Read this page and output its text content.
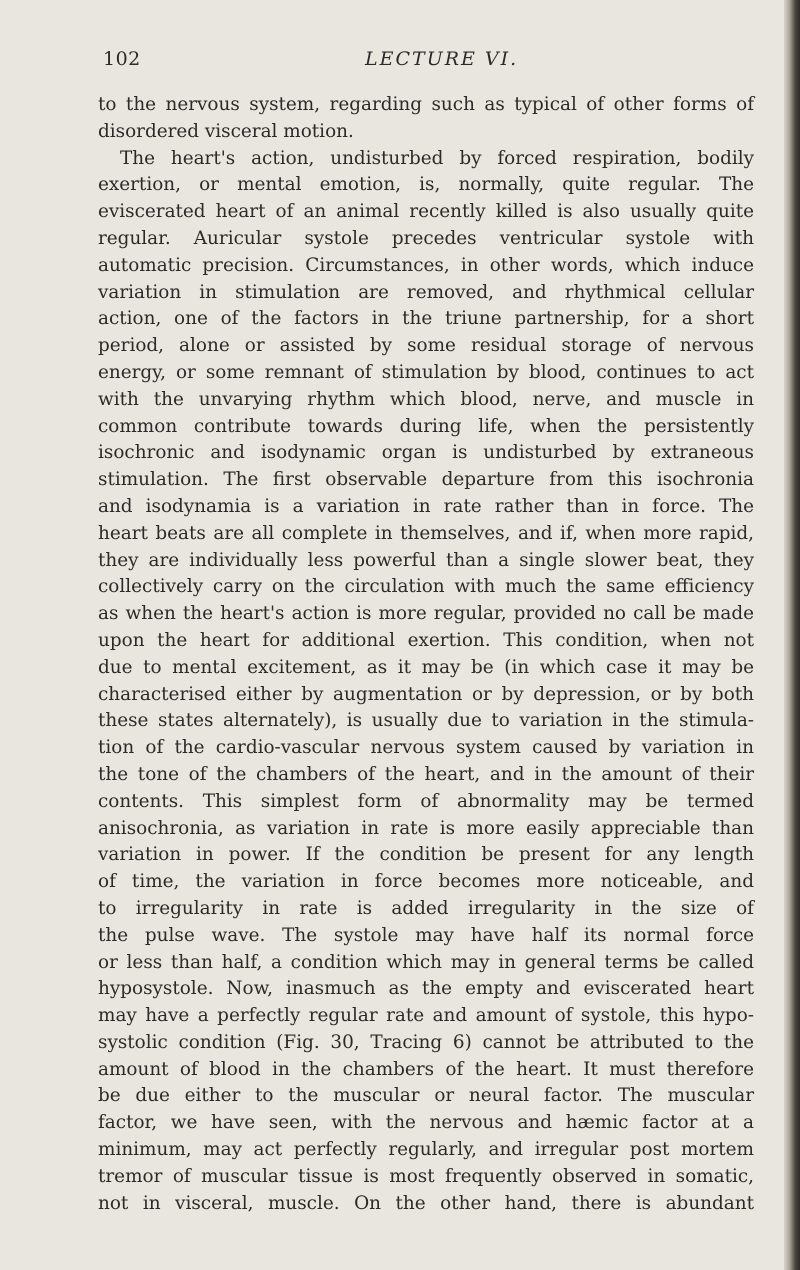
102	LECTURE VI.
to the nervous system, regarding such as typical of other forms of
disordered visceral motion.
The heart's action, undisturbed by forced respiration, bodily
exertion, or mental emotion, is, normally, quite regular. The
eviscerated heart of an animal recently killed is also usually quite
regular. Auricular systole precedes ventricular systole with
automatic precision. Circumstances, in other words, which induce
variation in stimulation are removed, and rhythmical cellular
action, one of the factors in the triune partnership, for a short
period, alone or assisted by some residual storage of nervous
energy, or some remnant of stimulation by blood, continues to act
with the unvarying rhythm which blood, nerve, and muscle in
common contribute towards during life, when the persistently
isochronic and isodynamic organ is undisturbed by extraneous
stimulation. The first observable departure from this isochronia
and isodynamia is a variation in rate rather than in force. The
heart beats are all complete in themselves, and if, when more rapid,
they are individually less powerful than a single slower beat, they
collectively carry on the circulation with much the same efficiency
as when the heart's action is more regular, provided no call be made
upon the heart for additional exertion. This condition, when not
due to mental excitement, as it may be (in which case it may be
characterised either by augmentation or by depression, or by both
these states alternately), is usually due to variation in the stimula-
tion of the cardio-vascular nervous system caused by variation in
the tone of the chambers of the heart, and in the amount of their
contents. This simplest form of abnormality may be termed
anisochronia, as variation in rate is more easily appreciable than
variation in power. If the condition be present for any length
of time, the variation in force becomes more noticeable, and
to irregularity in rate is added irregularity in the size of
the pulse wave. The systole may have half its normal force
or less than half, a condition which may in general terms be called
hyposystole. Now, inasmuch as the empty and eviscerated heart
may have a perfectly regular rate and amount of systole, this hypo-
systolic condition (Fig. 30, Tracing 6) cannot be attributed to the
amount of blood in the chambers of the heart. It must therefore
be due either to the muscular or neural factor. The muscular
factor, we have seen, with the nervous and hæmic factor at a
minimum, may act perfectly regularly, and irregular post mortem
tremor of muscular tissue is most frequently observed in somatic,
not in visceral, muscle. On the other hand, there is abundant
